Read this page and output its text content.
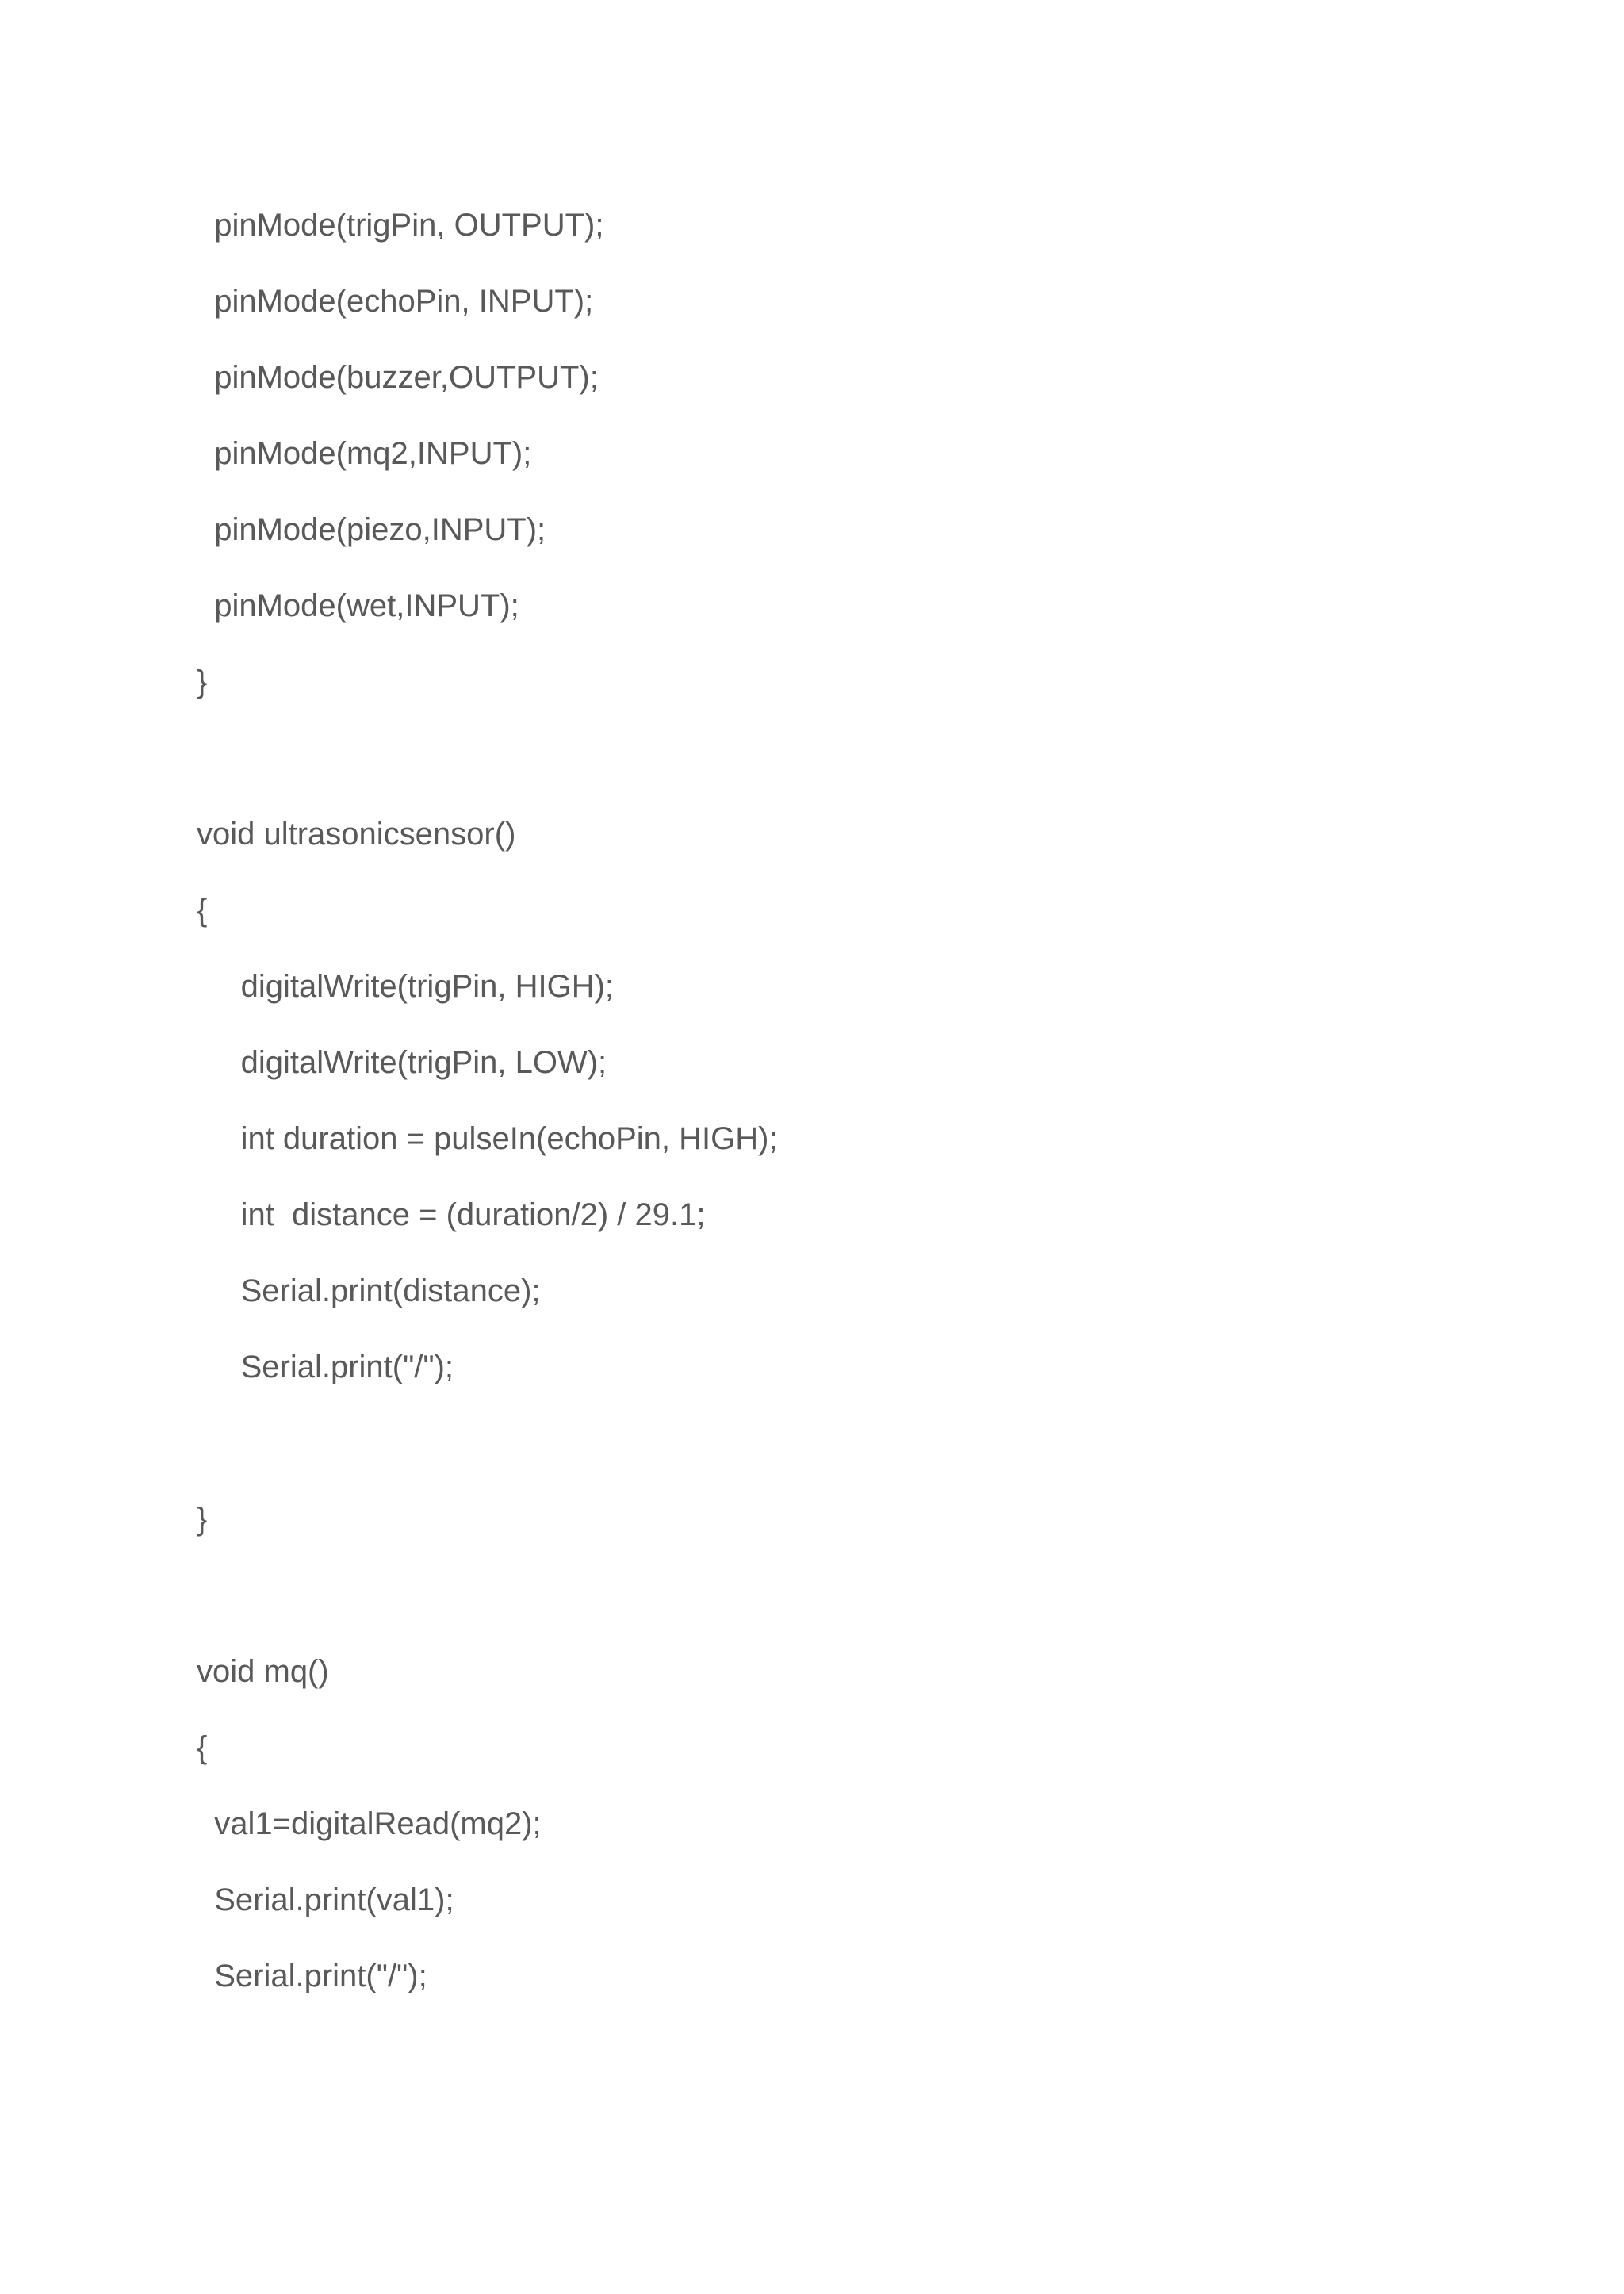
pinMode(trigPin, OUTPUT);
pinMode(echoPin, INPUT);
pinMode(buzzer,OUTPUT);
pinMode(mq2,INPUT);
pinMode(piezo,INPUT);
pinMode(wet,INPUT);
}
void ultrasonicsensor()
{
digitalWrite(trigPin, HIGH);
digitalWrite(trigPin, LOW);
int duration = pulseIn(echoPin, HIGH);
int  distance = (duration/2) / 29.1;
Serial.print(distance);
Serial.print("/");
}
void mq()
{
val1=digitalRead(mq2);
Serial.print(val1);
Serial.print("/");
